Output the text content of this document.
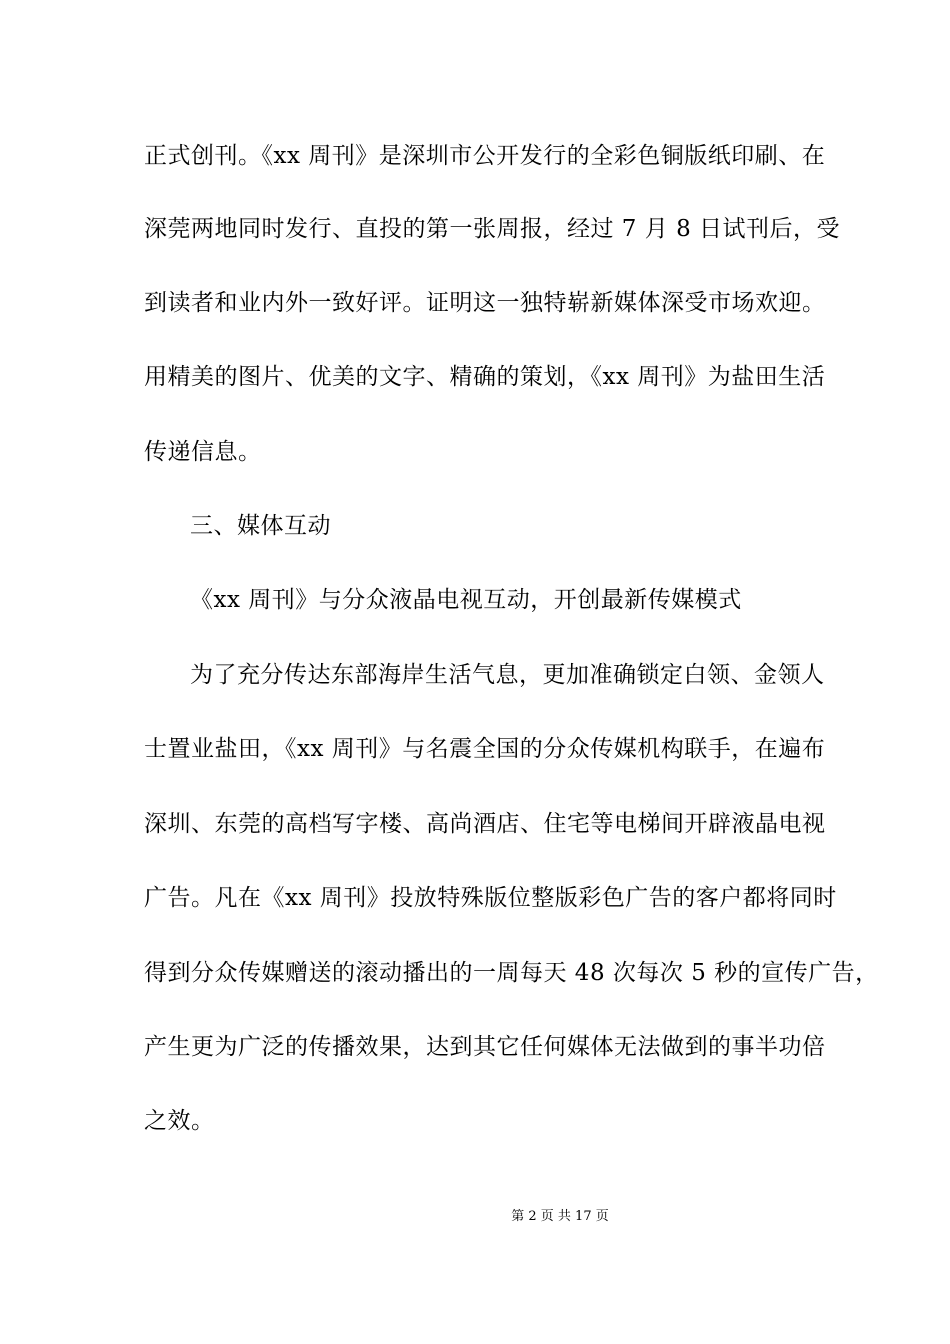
正式创刊。《xx 周刊》是深圳市公开发行的全彩色铜版纸印刷、在
深莞两地同时发行、直投的第一张周报，经过 7 月 8 日试刊后，受
到读者和业内外一致好评。证明这一独特崭新媒体深受市场欢迎。
用精美的图片、优美的文字、精确的策划，《xx 周刊》为盐田生活
传递信息。
三、媒体互动
《xx 周刊》与分众液晶电视互动，开创最新传媒模式
为了充分传达东部海岸生活气息，更加准确锁定白领、金领人
士置业盐田，《xx 周刊》与名震全国的分众传媒机构联手，在遍布
深圳、东莞的高档写字楼、高尚酒店、住宅等电梯间开辟液晶电视
广告。凡在《xx 周刊》投放特殊版位整版彩色广告的客户都将同时
得到分众传媒赠送的滚动播出的一周每天 48 次每次 5 秒的宣传广告，
产生更为广泛的传播效果，达到其它任何媒体无法做到的事半功倍
之效。
第 2 页 共 17 页
